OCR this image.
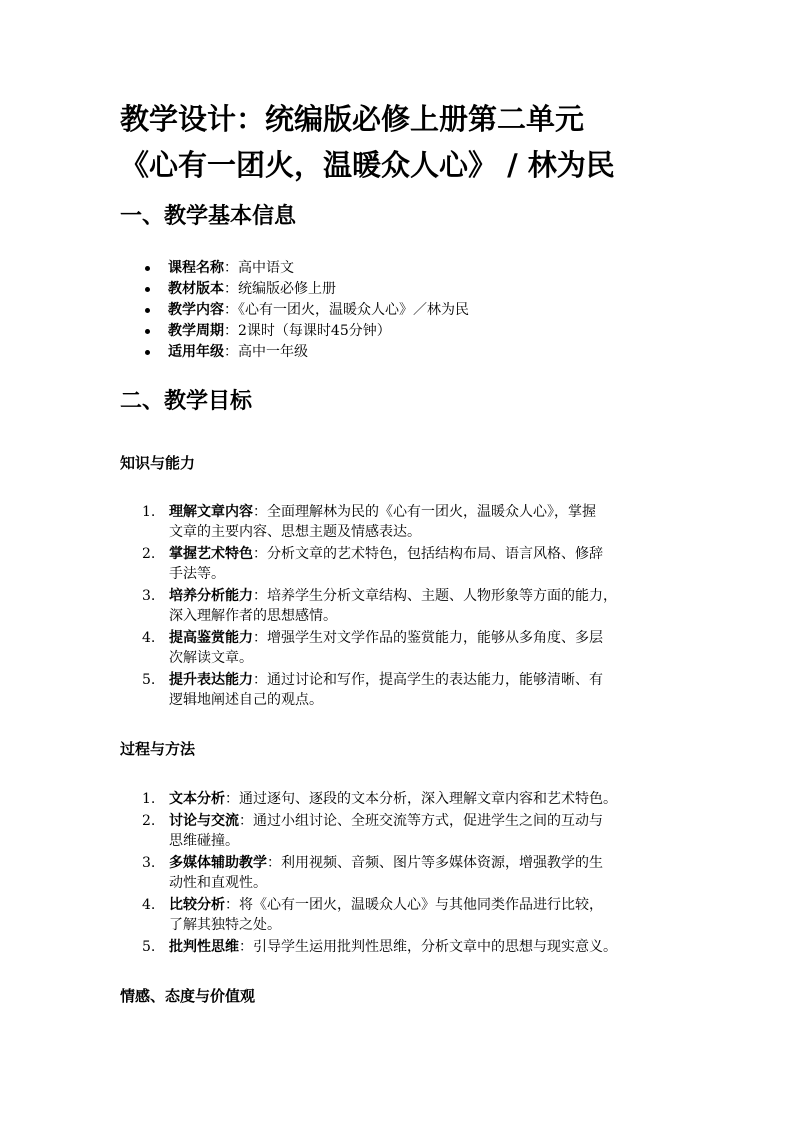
教学设计：统编版必修上册第二单元
《心有一团火，温暖众人心》 / 林为民
一、教学基本信息
课程名称：高中语文
教材版本：统编版必修上册
教学内容：《心有一团火，温暖众人心》／林为民
教学周期：2课时（每课时45分钟）
适用年级：高中一年级
二、教学目标
知识与能力
1. 理解文章内容：全面理解林为民的《心有一团火，温暖众人心》，掌握
文章的主要内容、思想主题及情感表达。
2. 掌握艺术特色：分析文章的艺术特色，包括结构布局、语言风格、修辞
手法等。
3. 培养分析能力：培养学生分析文章结构、主题、人物形象等方面的能力，
深入理解作者的思想感情。
4. 提高鉴赏能力：增强学生对文学作品的鉴赏能力，能够从多角度、多层
次解读文章。
5. 提升表达能力：通过讨论和写作，提高学生的表达能力，能够清晰、有
逻辑地阐述自己的观点。
过程与方法
1. 文本分析：通过逐句、逐段的文本分析，深入理解文章内容和艺术特色。
2. 讨论与交流：通过小组讨论、全班交流等方式，促进学生之间的互动与
思维碰撞。
3. 多媒体辅助教学：利用视频、音频、图片等多媒体资源，增强教学的生
动性和直观性。
4. 比较分析：将《心有一团火，温暖众人心》与其他同类作品进行比较，
了解其独特之处。
5. 批判性思维：引导学生运用批判性思维，分析文章中的思想与现实意义。
情感、态度与价值观
